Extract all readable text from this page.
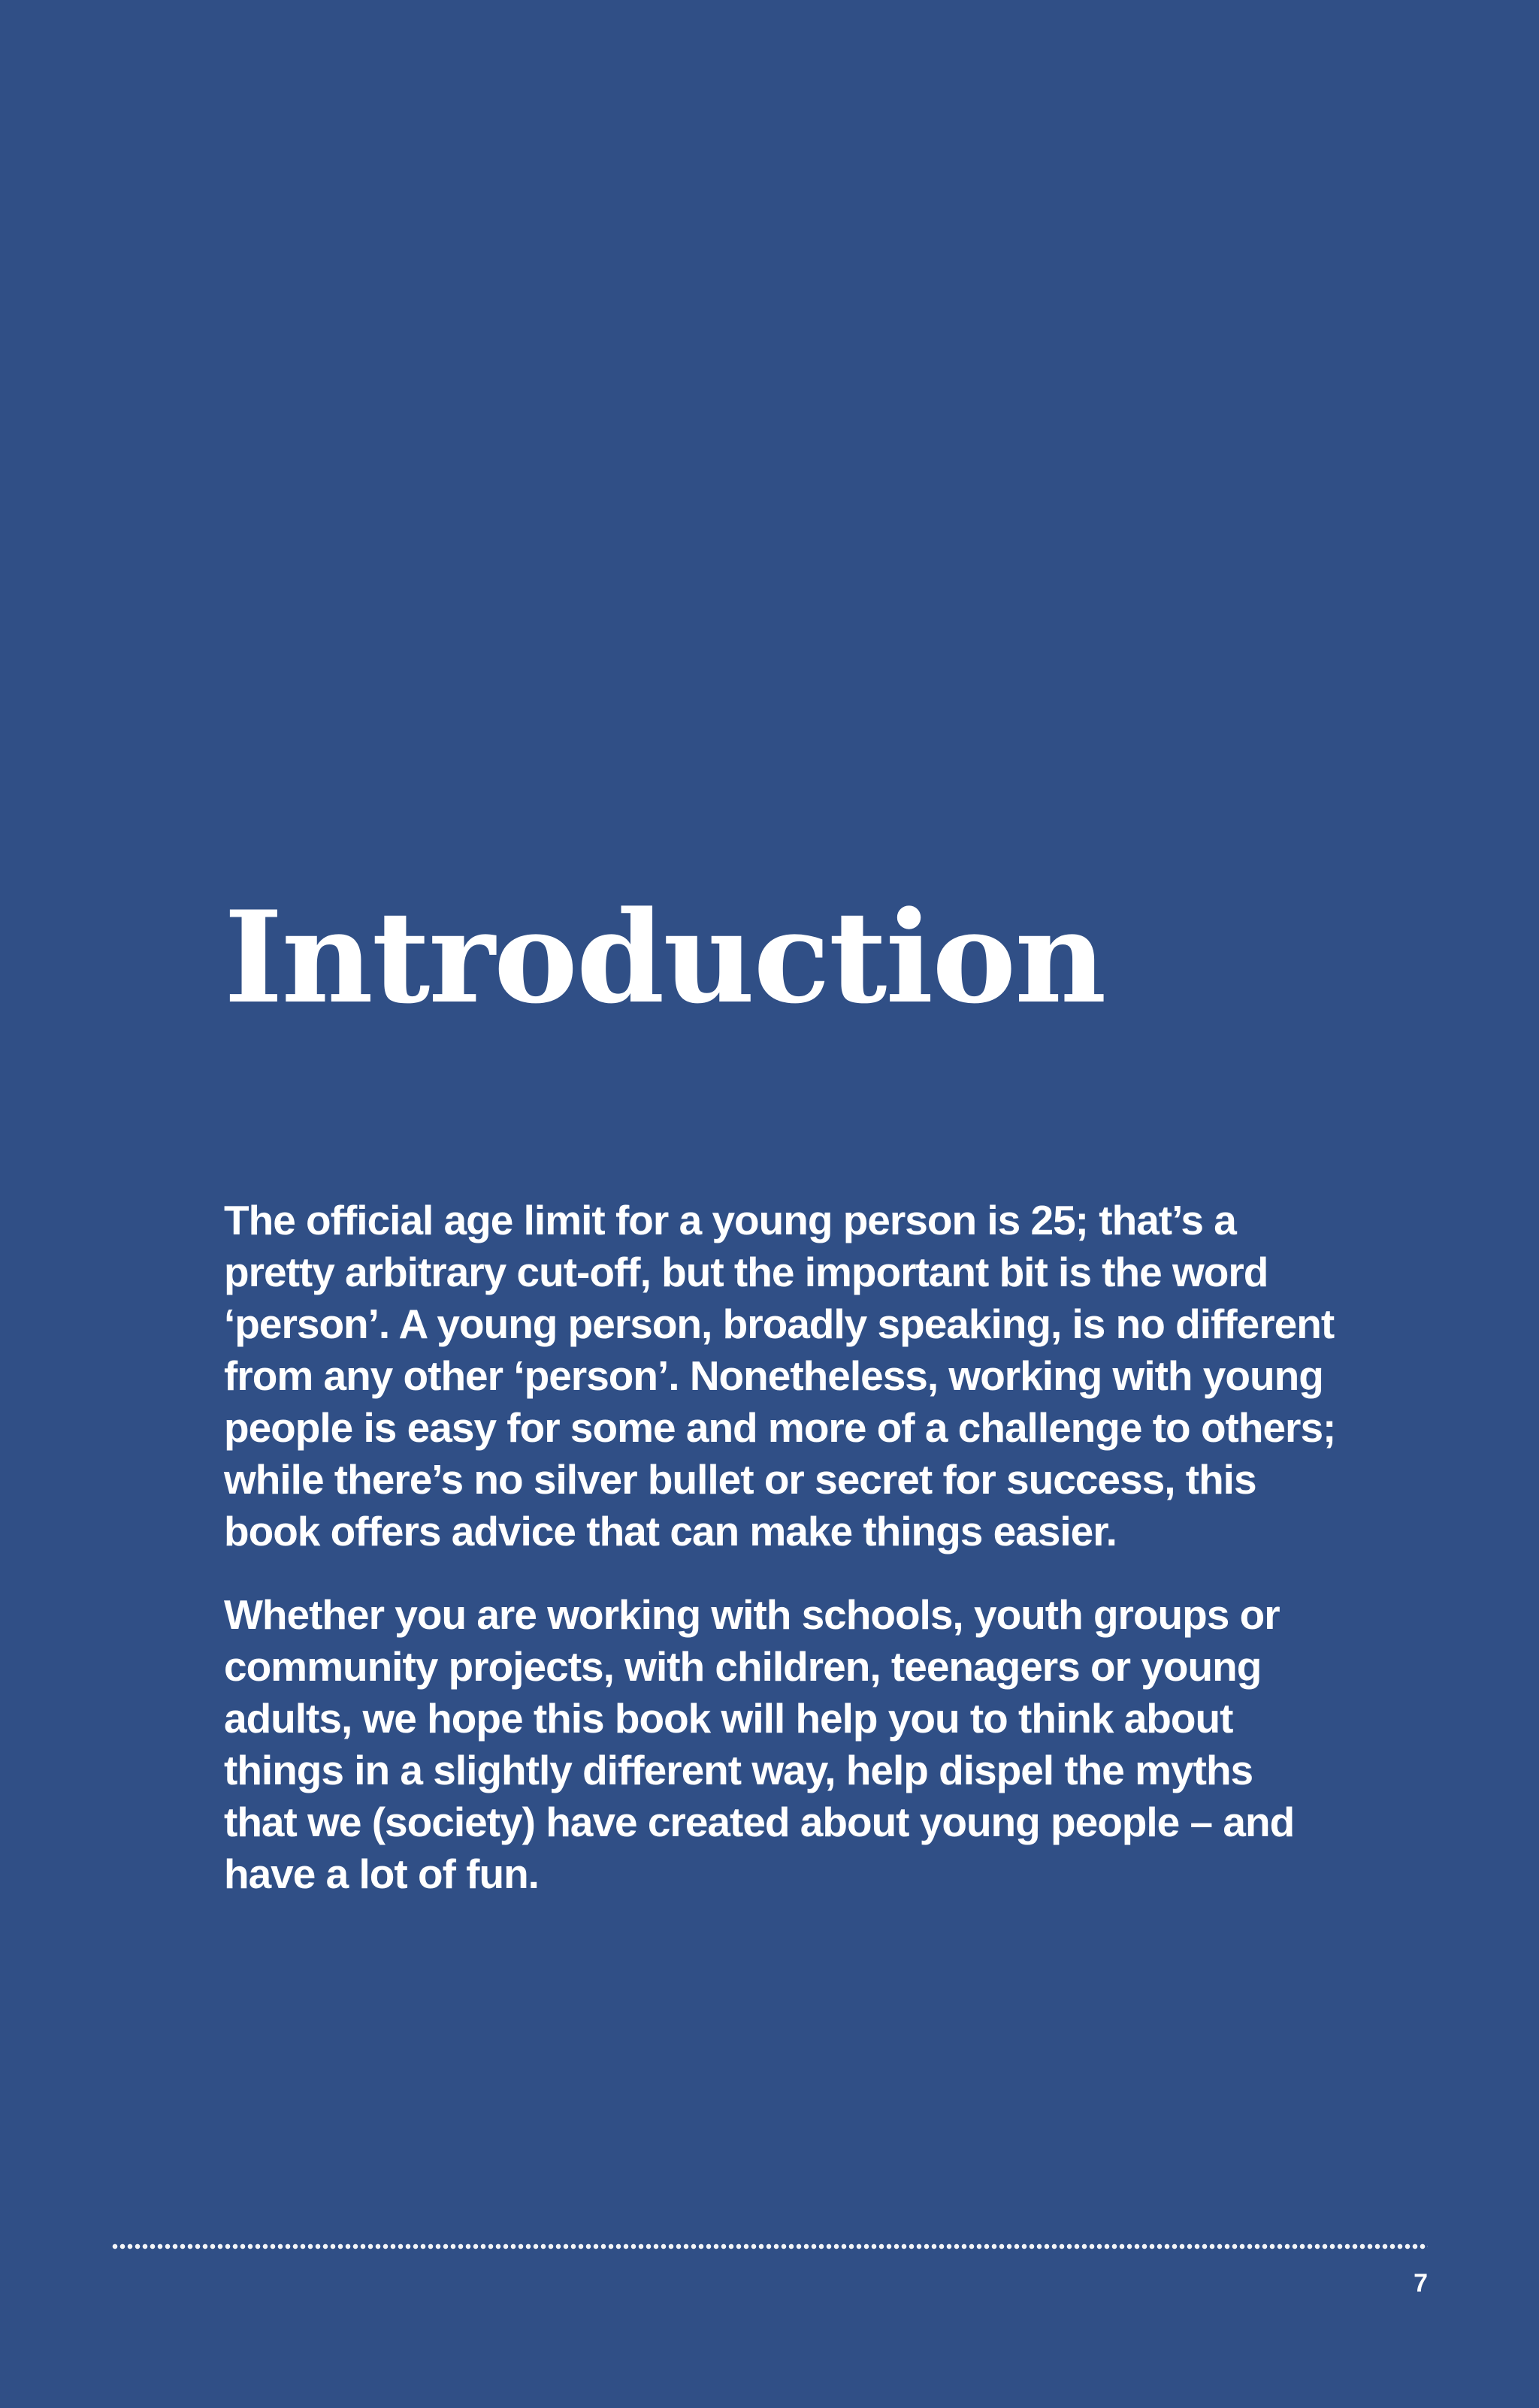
Introduction

The official age limit for a young person is 25; that’s a pretty arbitrary cut-off, but the important bit is the word ‘person’. A young person, broadly speaking, is no different from any other ‘person’. Nonetheless, working with young people is easy for some and more of a challenge to others; while there’s no silver bullet or secret for success, this book offers advice that can make things easier.

Whether you are working with schools, youth groups or community projects, with children, teenagers or young adults, we hope this book will help you to think about things in a slightly different way, help dispel the myths that we (society) have created about young people – and have a lot of fun.

7
